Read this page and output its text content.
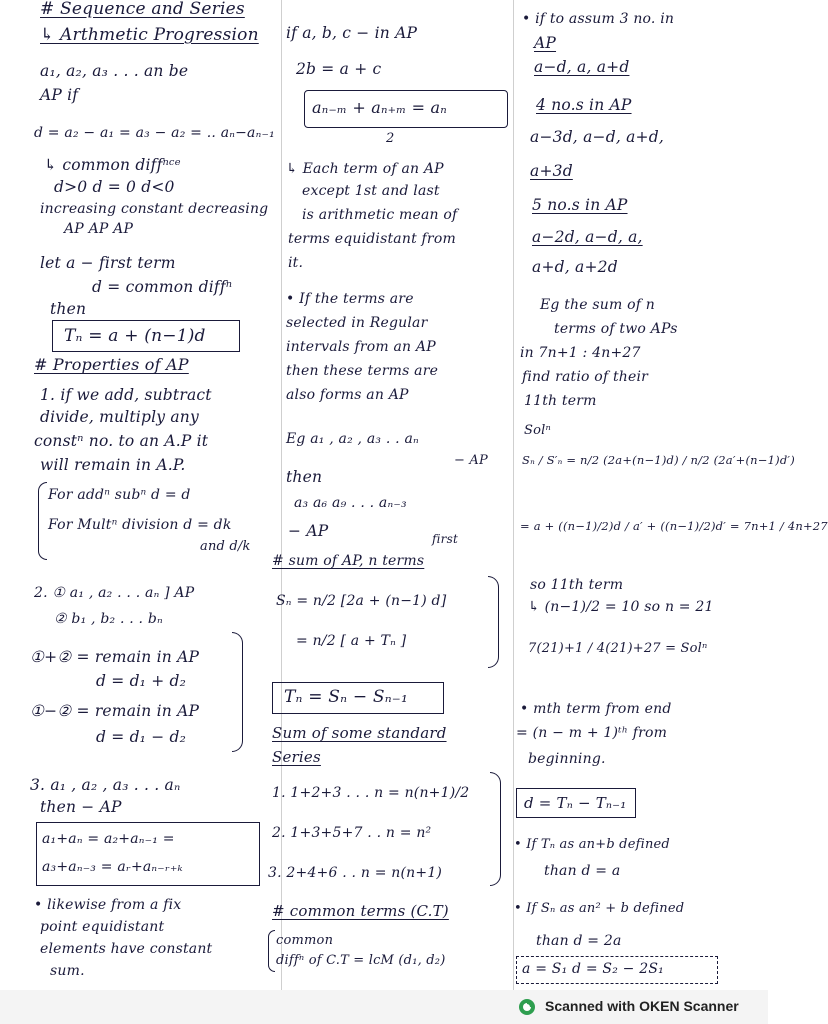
# Sequence and Series
↳ Arthmetic Progression
a₁, a₂, a₃ . . . an be
AP if
d = a₂ − a₁ = a₃ − a₂ = .. aₙ−aₙ₋₁
↳ common diffⁿᶜᵉ
d>0 d = 0 d<0
increasing constant decreasing
AP AP AP
let a − first term
d = common diffⁿ
then
Tₙ = a + (n−1)d
# Properties of AP
1. if we add, subtract
divide, multiply any
constⁿ no. to an A.P it
will remain in A.P.
For addⁿ subⁿ d = d
For Multⁿ division d = dk
and d/k
2. ① a₁ , a₂ . . . aₙ ] AP
② b₁ , b₂ . . . bₙ
①+② = remain in AP
d = d₁ + d₂
①−② = remain in AP
d = d₁ − d₂
3. a₁ , a₂ , a₃ . . . aₙ
then − AP
a₁+aₙ = a₂+aₙ₋₁ =
a₃+aₙ₋₃ = aᵣ+aₙ₋ᵣ₊ₖ
• likewise from a fix
point equidistant
elements have constant
sum.
if a, b, c − in AP
2b = a + c
aₙ₋ₘ + aₙ₊ₘ = aₙ
2
↳ Each term of an AP
except 1st and last
is arithmetic mean of
terms equidistant from
it.
• If the terms are
selected in Regular
intervals from an AP
then these terms are
also forms an AP
Eg a₁ , a₂ , a₃ . . aₙ
− AP
then
a₃ a₆ a₉ . . . aₙ₋₃
− AP	first
# sum of AP, n terms
Sₙ = n/2 [2a + (n−1) d]
= n/2 [ a + Tₙ ]
Tₙ = Sₙ − Sₙ₋₁
Sum of some standard
Series
1. 1+2+3 . . . n = n(n+1)/2
2. 1+3+5+7 . . n = n²
3. 2+4+6 . . n = n(n+1)
# common terms (C.T)
common
diffⁿ of C.T = lcM (d₁, d₂)
• if to assum 3 no. in
AP
a−d, a, a+d
4 no.s in AP
a−3d, a−d, a+d,
a+3d
5 no.s in AP
a−2d, a−d, a,
a+d, a+2d
Eg the sum of n
terms of two APs
in 7n+1 : 4n+27
find ratio of their
11th term
Solⁿ
Sₙ / S′ₙ = n/2 (2a+(n−1)d) / n/2 (2a′+(n−1)d′)
= a + ((n−1)/2)d / a′ + ((n−1)/2)d′ = 7n+1 / 4n+27
so 11th term
↳ (n−1)/2 = 10 so n = 21
7(21)+1 / 4(21)+27 = Solⁿ
• mth term from end
= (n − m + 1)ᵗʰ from
beginning.
d = Tₙ − Tₙ₋₁
• If Tₙ as an+b defined
than d = a
• If Sₙ as an² + b defined
than d = 2a
a = S₁ d = S₂ − 2S₁
Scanned with OKEN Scanner
